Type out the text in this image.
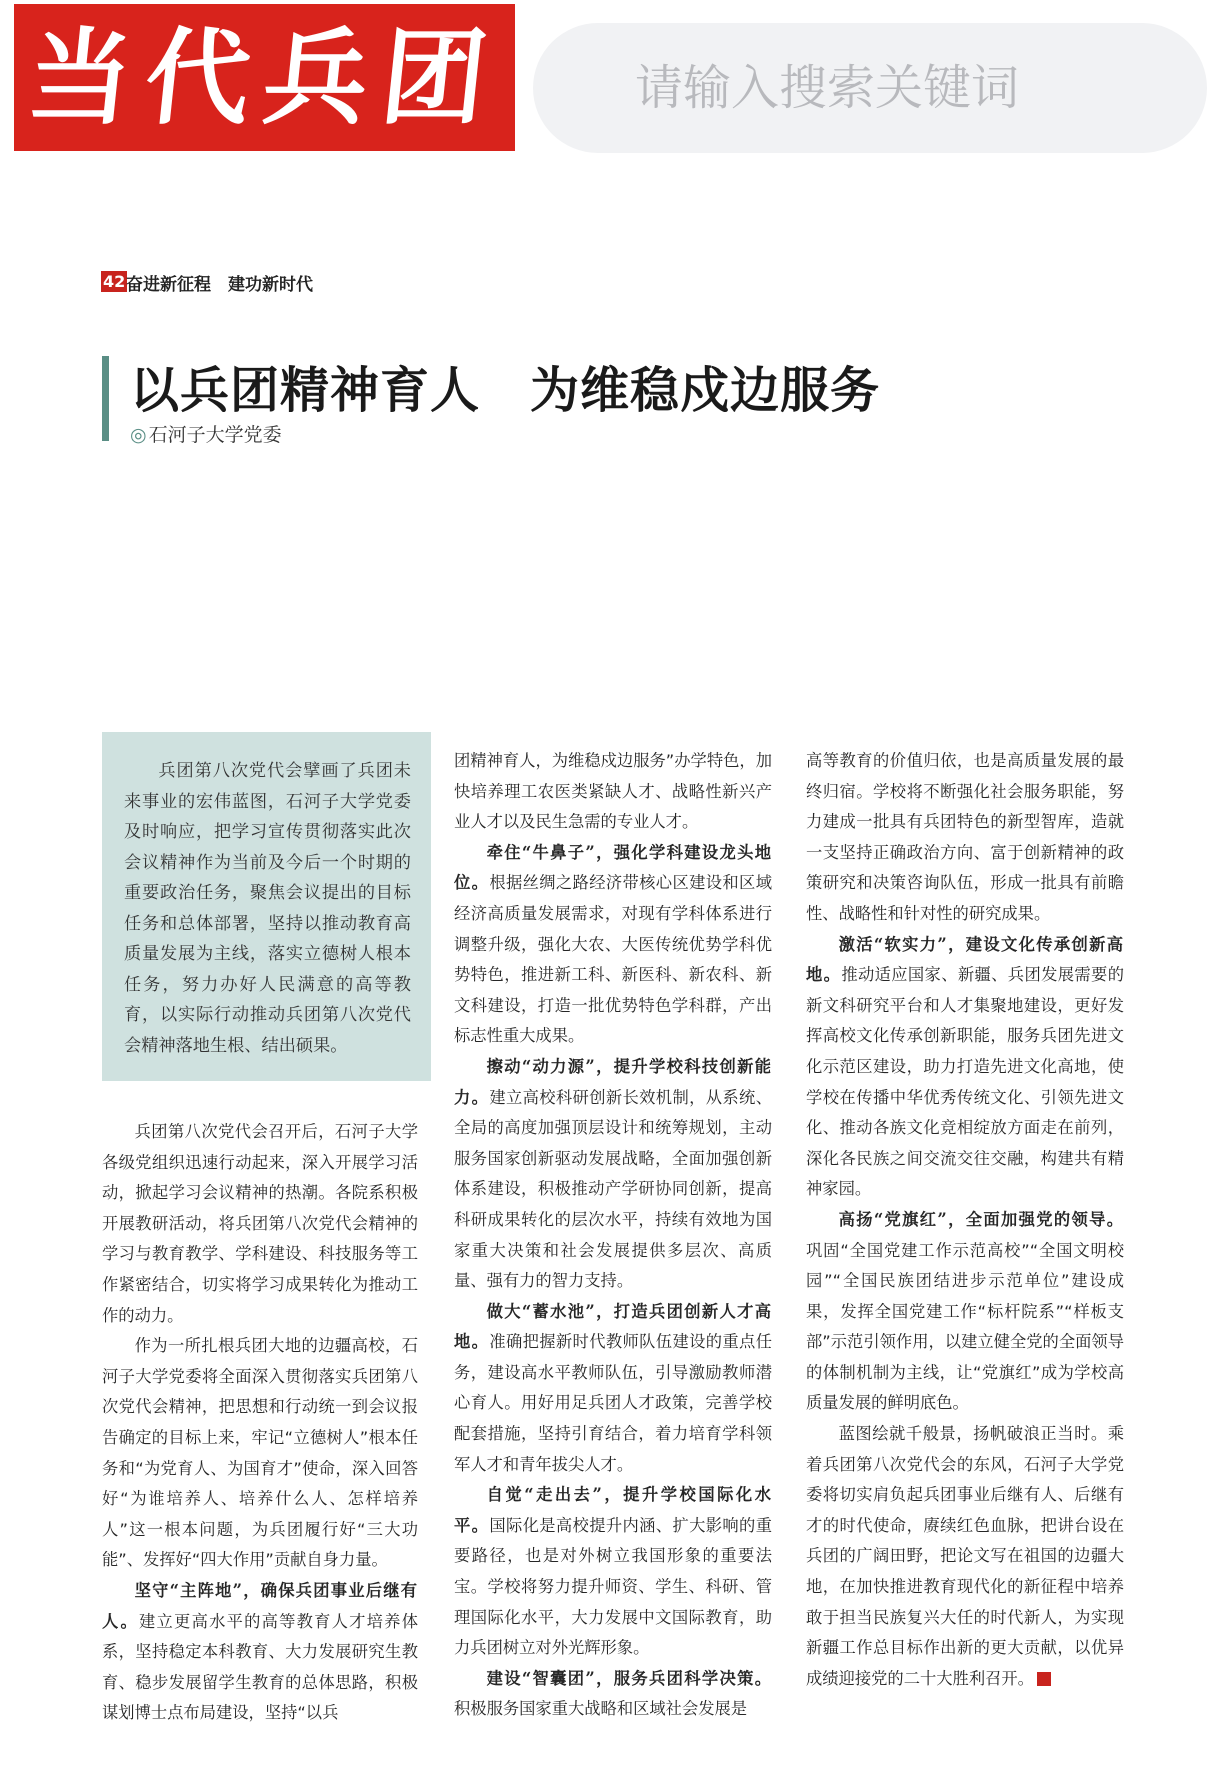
当代兵团
请输入搜索关键词
42 奋进新征程　建功新时代
以兵团精神育人　为维稳戍边服务
◎ 石河子大学党委

兵团第八次党代会擘画了兵团未来事业的宏伟蓝图，石河子大学党委及时响应，把学习宣传贯彻落实此次会议精神作为当前及今后一个时期的重要政治任务，聚焦会议提出的目标任务和总体部署，坚持以推动教育高质量发展为主线，落实立德树人根本任务，努力办好人民满意的高等教育，以实际行动推动兵团第八次党代会精神落地生根、结出硕果。

兵团第八次党代会召开后，石河子大学各级党组织迅速行动起来，深入开展学习活动，掀起学习会议精神的热潮。各院系积极开展教研活动，将兵团第八次党代会精神的学习与教育教学、学科建设、科技服务等工作紧密结合，切实将学习成果转化为推动工作的动力。

作为一所扎根兵团大地的边疆高校，石河子大学党委将全面深入贯彻落实兵团第八次党代会精神，把思想和行动统一到会议报告确定的目标上来，牢记“立德树人”根本任务和“为党育人、为国育才”使命，深入回答好“为谁培养人、培养什么人、怎样培养人”这一根本问题，为兵团履行好“三大功能”、发挥好“四大作用”贡献自身力量。

坚守“主阵地”，确保兵团事业后继有人。建立更高水平的高等教育人才培养体系，坚持稳定本科教育、大力发展研究生教育、稳步发展留学生教育的总体思路，积极谋划博士点布局建设，坚持“以兵

团精神育人，为维稳戍边服务”办学特色，加快培养理工农医类紧缺人才、战略性新兴产业人才以及民生急需的专业人才。

牵住“牛鼻子”，强化学科建设龙头地位。根据丝绸之路经济带核心区建设和区域经济高质量发展需求，对现有学科体系进行调整升级，强化大农、大医传统优势学科优势特色，推进新工科、新医科、新农科、新文科建设，打造一批优势特色学科群，产出标志性重大成果。

擦动“动力源”，提升学校科技创新能力。建立高校科研创新长效机制，从系统、全局的高度加强顶层设计和统筹规划，主动服务国家创新驱动发展战略，全面加强创新体系建设，积极推动产学研协同创新，提高科研成果转化的层次水平，持续有效地为国家重大决策和社会发展提供多层次、高质量、强有力的智力支持。

做大“蓄水池”，打造兵团创新人才高地。准确把握新时代教师队伍建设的重点任务，建设高水平教师队伍，引导激励教师潜心育人。用好用足兵团人才政策，完善学校配套措施，坚持引育结合，着力培育学科领军人才和青年拔尖人才。

自觉“走出去”，提升学校国际化水平。国际化是高校提升内涵、扩大影响的重要路径，也是对外树立我国形象的重要法宝。学校将努力提升师资、学生、科研、管理国际化水平，大力发展中文国际教育，助力兵团树立对外光辉形象。

建设“智囊团”，服务兵团科学决策。积极服务国家重大战略和区域社会发展是

高等教育的价值归依，也是高质量发展的最终归宿。学校将不断强化社会服务职能，努力建成一批具有兵团特色的新型智库，造就一支坚持正确政治方向、富于创新精神的政策研究和决策咨询队伍，形成一批具有前瞻性、战略性和针对性的研究成果。

激活“软实力”，建设文化传承创新高地。推动适应国家、新疆、兵团发展需要的新文科研究平台和人才集聚地建设，更好发挥高校文化传承创新职能，服务兵团先进文化示范区建设，助力打造先进文化高地，使学校在传播中华优秀传统文化、引领先进文化、推动各族文化竞相绽放方面走在前列，深化各民族之间交流交往交融，构建共有精神家园。

高扬“党旗红”，全面加强党的领导。巩固“全国党建工作示范高校”“全国文明校园”“全国民族团结进步示范单位”建设成果，发挥全国党建工作“标杆院系”“样板支部”示范引领作用，以建立健全党的全面领导的体制机制为主线，让“党旗红”成为学校高质量发展的鲜明底色。

蓝图绘就千般景，扬帆破浪正当时。乘着兵团第八次党代会的东风，石河子大学党委将切实肩负起兵团事业后继有人、后继有才的时代使命，赓续红色血脉，把讲台设在兵团的广阔田野，把论文写在祖国的边疆大地，在加快推进教育现代化的新征程中培养敢于担当民族复兴大任的时代新人，为实现新疆工作总目标作出新的更大贡献，以优异成绩迎接党的二十大胜利召开。
